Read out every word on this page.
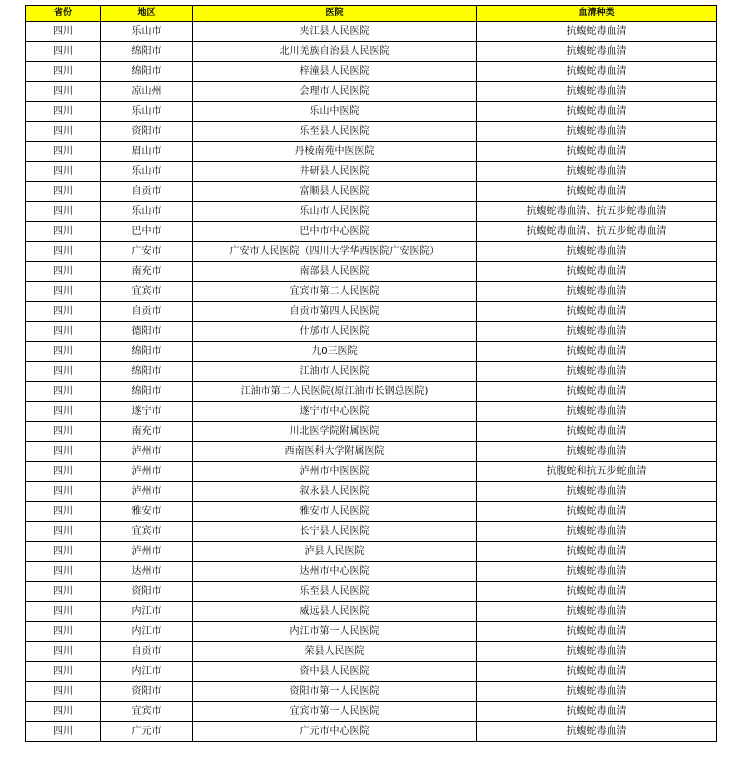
省份	地区	医院	血清种类
四川	乐山市	夹江县人民医院	抗蝮蛇毒血清
四川	绵阳市	北川羌族自治县人民医院	抗蝮蛇毒血清
四川	绵阳市	梓潼县人民医院	抗蝮蛇毒血清
四川	凉山州	会理市人民医院	抗蝮蛇毒血清
四川	乐山市	乐山中医院	抗蝮蛇毒血清
四川	资阳市	乐至县人民医院	抗蝮蛇毒血清
四川	眉山市	丹棱南苑中医医院	抗蝮蛇毒血清
四川	乐山市	井研县人民医院	抗蝮蛇毒血清
四川	自贡市	富顺县人民医院	抗蝮蛇毒血清
四川	乐山市	乐山市人民医院	抗蝮蛇毒血清、抗五步蛇毒血清
四川	巴中市	巴中市中心医院	抗蝮蛇毒血清、抗五步蛇毒血清
四川	广安市	广安市人民医院（四川大学华西医院广安医院）	抗蝮蛇毒血清
四川	南充市	南部县人民医院	抗蝮蛇毒血清
四川	宜宾市	宜宾市第二人民医院	抗蝮蛇毒血清
四川	自贡市	自贡市第四人民医院	抗蝮蛇毒血清
四川	德阳市	什邡市人民医院	抗蝮蛇毒血清
四川	绵阳市	九0三医院	抗蝮蛇毒血清
四川	绵阳市	江油市人民医院	抗蝮蛇毒血清
四川	绵阳市	江油市第二人民医院(原江油市长钢总医院)	抗蝮蛇毒血清
四川	遂宁市	遂宁市中心医院	抗蝮蛇毒血清
四川	南充市	川北医学院附属医院	抗蝮蛇毒血清
四川	泸州市	西南医科大学附属医院	抗蝮蛇毒血清
四川	泸州市	泸州市中医医院	抗腹蛇和抗五步蛇血清
四川	泸州市	叙永县人民医院	抗蝮蛇毒血清
四川	雅安市	雅安市人民医院	抗蝮蛇毒血清
四川	宜宾市	长宁县人民医院	抗蝮蛇毒血清
四川	泸州市	泸县人民医院	抗蝮蛇毒血清
四川	达州市	达州市中心医院	抗蝮蛇毒血清
四川	资阳市	乐至县人民医院	抗蝮蛇毒血清
四川	内江市	威远县人民医院	抗蝮蛇毒血清
四川	内江市	内江市第一人民医院	抗蝮蛇毒血清
四川	自贡市	荣县人民医院	抗蝮蛇毒血清
四川	内江市	资中县人民医院	抗蝮蛇毒血清
四川	资阳市	资阳市第一人民医院	抗蝮蛇毒血清
四川	宜宾市	宜宾市第一人民医院	抗蝮蛇毒血清
四川	广元市	广元市中心医院	抗蝮蛇毒血清
